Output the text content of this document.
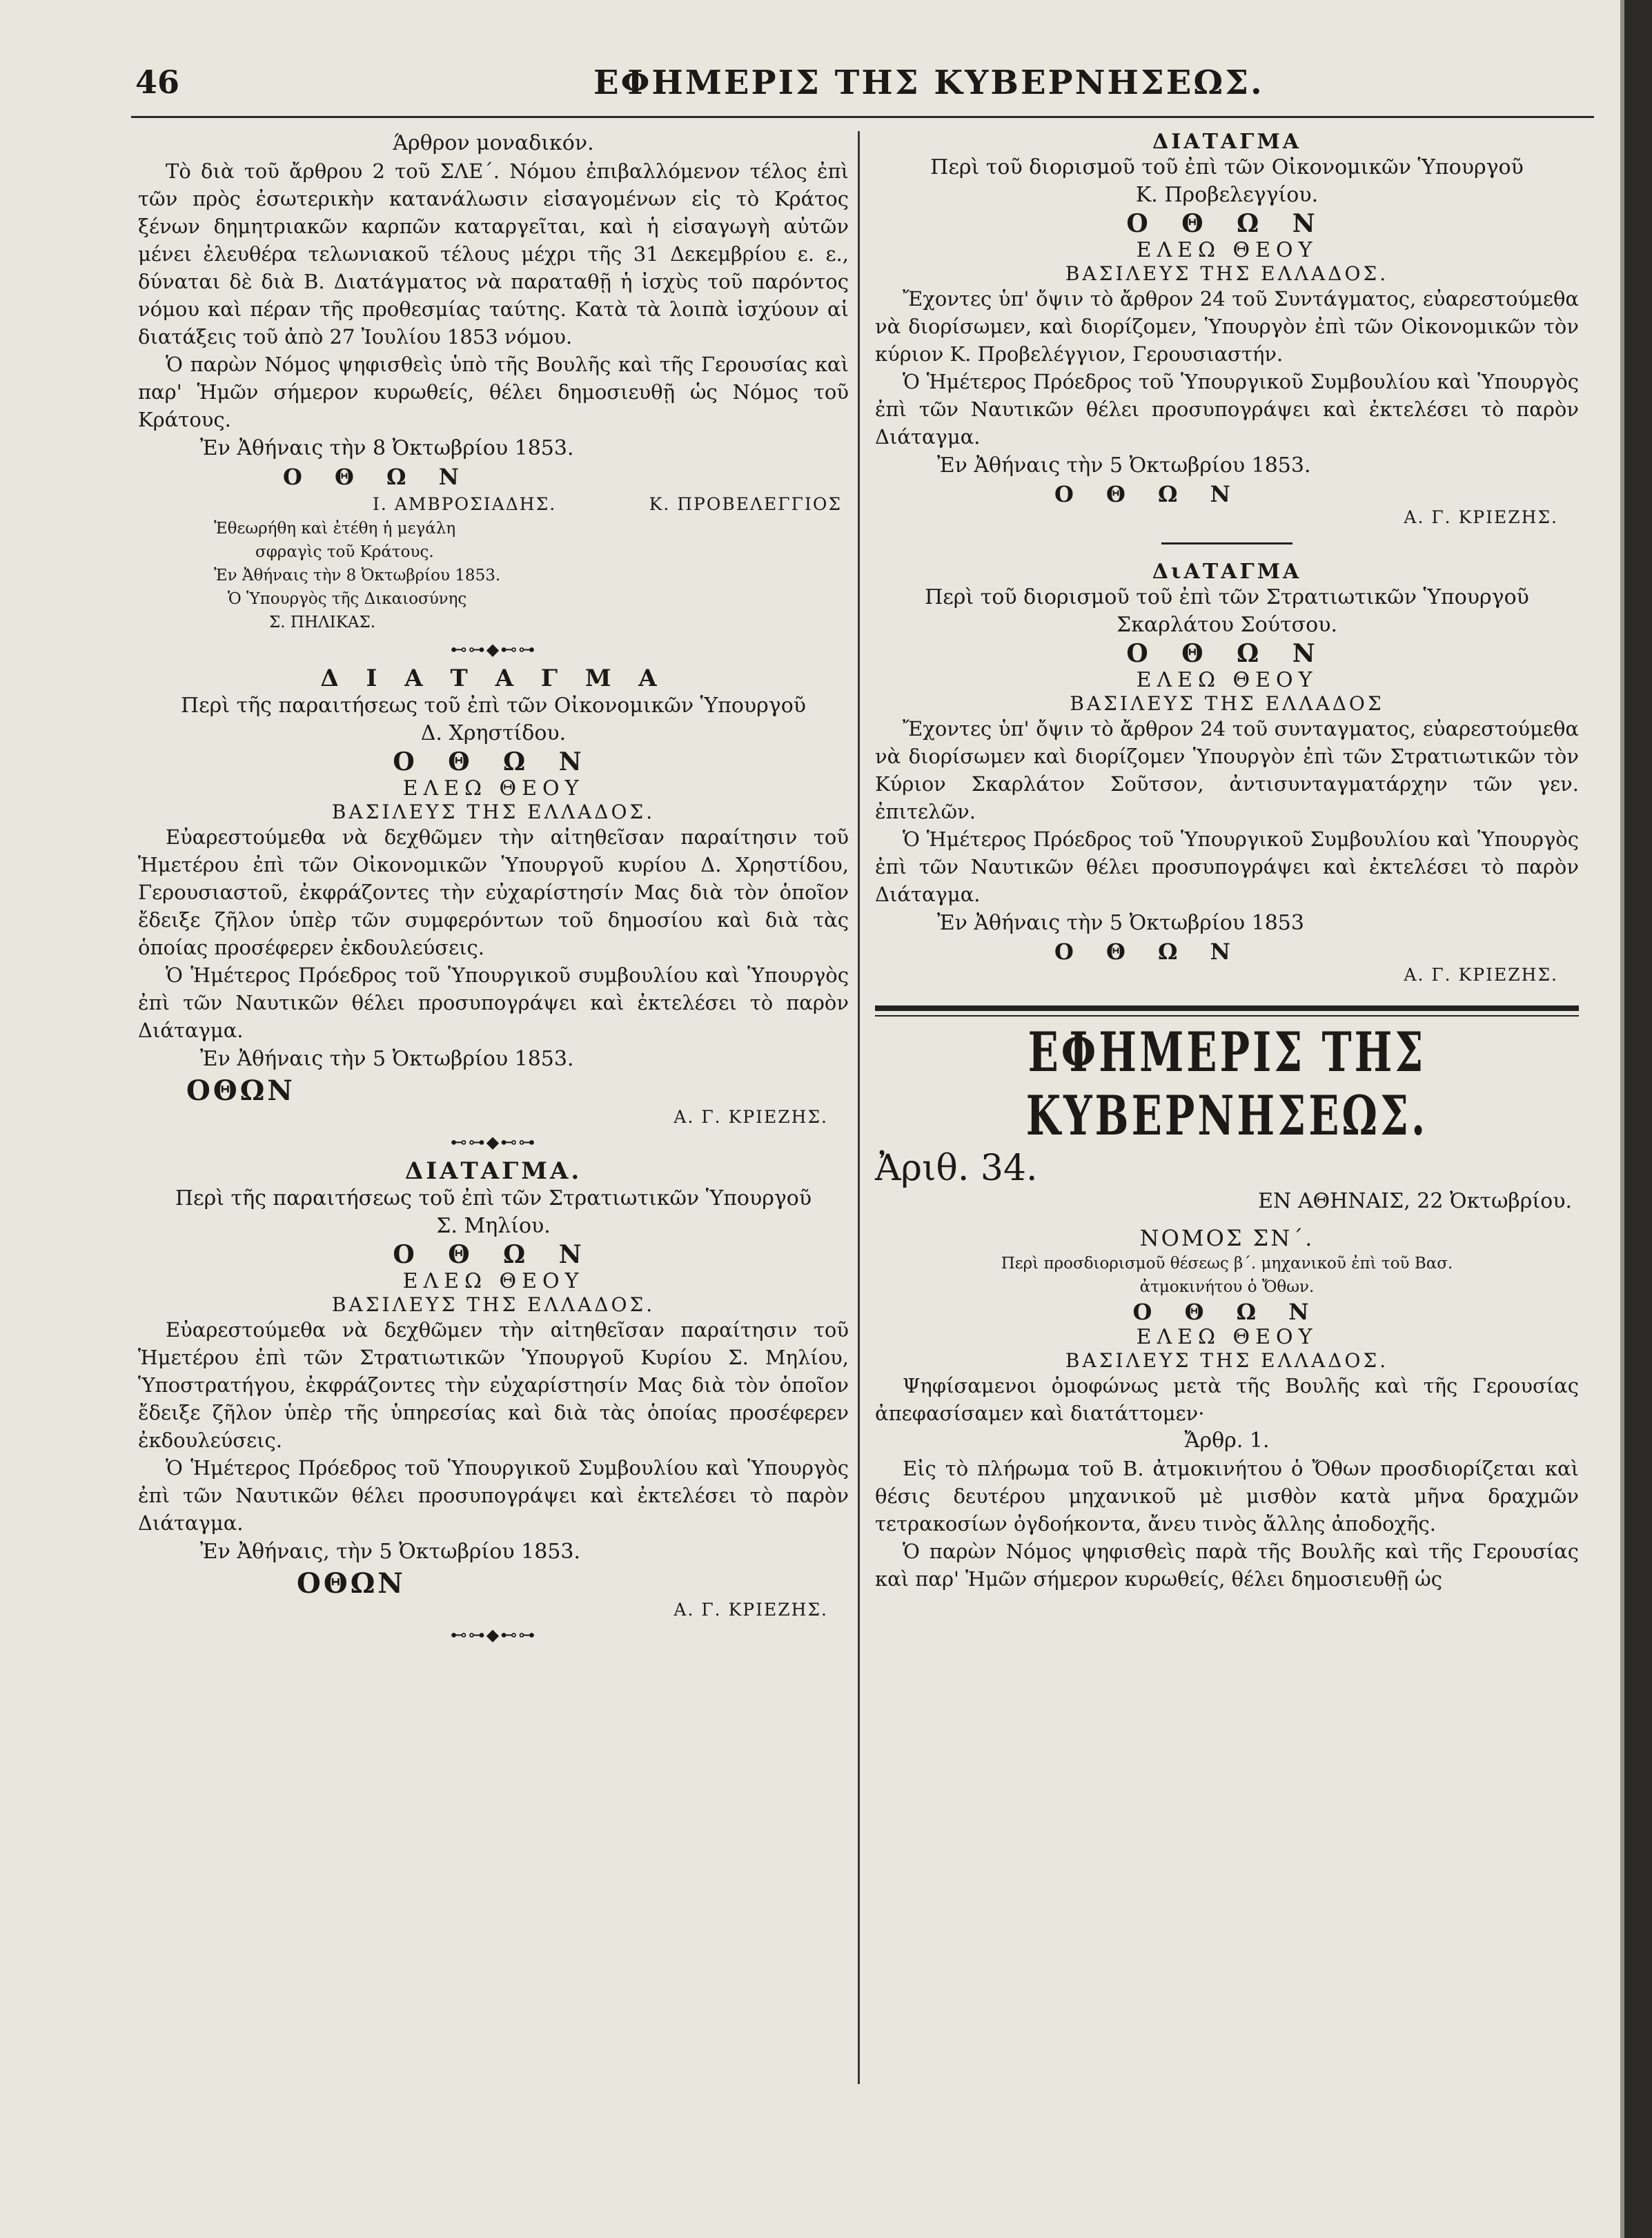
46	ΕΦΗΜΕΡΙΣ ΤΗΣ ΚΥΒΕΡΝΗΣΕΩΣ.

Άρθρον μοναδικόν.

Τὸ διὰ τοῦ ἄρθρου 2 τοῦ ΣΛΕ΄. Νόμου ἐπιβαλλόμενον τέλος ἐπὶ τῶν πρὸς ἐσωτερικὴν κατανάλωσιν εἰσαγομένων εἰς τὸ Κράτος ξένων δημητριακῶν καρπῶν καταργεῖται, καὶ ἡ εἰσαγωγὴ αὐτῶν μένει ἐλευθέρα τελωνιακοῦ τέλους μέχρι τῆς 31 Δεκεμβρίου ε. ε., δύναται δὲ διὰ Β. Διατάγματος νὰ παραταθῇ ἡ ἰσχὺς τοῦ παρόντος νόμου καὶ πέραν τῆς προθεσμίας ταύτης. Κατὰ τὰ λοιπὰ ἰσχύουν αἱ διατάξεις τοῦ ἀπὸ 27 Ἰουλίου 1853 νόμου.

Ὁ παρὼν Νόμος ψηφισθεὶς ὑπὸ τῆς Βουλῆς καὶ τῆς Γερουσίας καὶ παρ' Ἡμῶν σήμερον κυρωθείς, θέλει δημοσιευθῇ ὡς Νόμος τοῦ Κράτους.

Ἐν Ἀθήναις τὴν 8 Ὀκτωβρίου 1853.

Ο Θ Ω Ν

Ι. ΑΜΒΡΟΣΙΑΔΗΣ.	Κ. ΠΡΟΒΕΛΕΓΓΙΟΣ

Ἐθεωρήθη καὶ ἐτέθη ἡ μεγάλη

σφραγὶς τοῦ Κράτους.

Ἐν Ἀθήναις τὴν 8 Ὀκτωβρίου 1853.

Ὁ Ὑπουργὸς τῆς Δικαιοσύνης

Σ. ΠΗΛΙΚΑΣ.

⊷⊶◆⊷⊶

Δ Ι Α Τ Α Γ Μ Α

Περὶ τῆς παραιτήσεως τοῦ ἐπὶ τῶν Οἰκονομικῶν Ὑπουργοῦ

Δ. Χρηστίδου.

Ο Θ Ω Ν

ΕΛΕΩ ΘΕΟΥ

ΒΑΣΙΛΕΥΣ ΤΗΣ ΕΛΛΑΔΟΣ.

Εὐαρεστούμεθα νὰ δεχθῶμεν τὴν αἰτηθεῖσαν παραίτησιν τοῦ Ἡμετέρου ἐπὶ τῶν Οἰκονομικῶν Ὑπουργοῦ κυρίου Δ. Χρηστίδου, Γερουσιαστοῦ, ἐκφράζοντες τὴν εὐχαρίστησίν Μας διὰ τὸν ὁποῖον ἔδειξε ζῆλον ὑπὲρ τῶν συμφερόντων τοῦ δημοσίου καὶ διὰ τὰς ὁποίας προσέφερεν ἐκδουλεύσεις.

Ὁ Ἡμέτερος Πρόεδρος τοῦ Ὑπουργικοῦ συμβουλίου καὶ Ὑπουργὸς ἐπὶ τῶν Ναυτικῶν θέλει προσυπογράψει καὶ ἐκτελέσει τὸ παρὸν Διάταγμα.

Ἐν Ἀθήναις τὴν 5 Ὀκτωβρίου 1853.

ΟΘΩΝ

Α. Γ. ΚΡΙΕΖΗΣ.

⊷⊶◆⊷⊶

ΔΙΑΤΑΓΜΑ.

Περὶ τῆς παραιτήσεως τοῦ ἐπὶ τῶν Στρατιωτικῶν Ὑπουργοῦ

Σ. Μηλίου.

Ο Θ Ω Ν

ΕΛΕΩ ΘΕΟΥ

ΒΑΣΙΛΕΥΣ ΤΗΣ ΕΛΛΑΔΟΣ.

Εὐαρεστούμεθα νὰ δεχθῶμεν τὴν αἰτηθεῖσαν παραίτησιν τοῦ Ἡμετέρου ἐπὶ τῶν Στρατιωτικῶν Ὑπουργοῦ Κυρίου Σ. Μηλίου, Ὑποστρατήγου, ἐκφράζοντες τὴν εὐχαρίστησίν Μας διὰ τὸν ὁποῖον ἔδειξε ζῆλον ὑπὲρ τῆς ὑπηρεσίας καὶ διὰ τὰς ὁποίας προσέφερεν ἐκδουλεύσεις.

Ὁ Ἡμέτερος Πρόεδρος τοῦ Ὑπουργικοῦ Συμβουλίου καὶ Ὑπουργὸς ἐπὶ τῶν Ναυτικῶν θέλει προσυπογράψει καὶ ἐκτελέσει τὸ παρὸν Διάταγμα.

Ἐν Ἀθήναις, τὴν 5 Ὀκτωβρίου 1853.

ΟΘΩΝ

Α. Γ. ΚΡΙΕΖΗΣ.

⊷⊶◆⊷⊶

ΔΙΑΤΑΓΜΑ

Περὶ τοῦ διορισμοῦ τοῦ ἐπὶ τῶν Οἰκονομικῶν Ὑπουργοῦ

Κ. Προβελεγγίου.

Ο Θ Ω Ν

ΕΛΕΩ ΘΕΟΥ

ΒΑΣΙΛΕΥΣ ΤΗΣ ΕΛΛΑΔΟΣ.

Ἔχοντες ὑπ' ὄψιν τὸ ἄρθρον 24 τοῦ Συντάγματος, εὐαρεστούμεθα νὰ διορίσωμεν, καὶ διορίζομεν, Ὑπουργὸν ἐπὶ τῶν Οἰκονομικῶν τὸν κύριον Κ. Προβελέγγιον, Γερουσιαστήν.

Ὁ Ἡμέτερος Πρόεδρος τοῦ Ὑπουργικοῦ Συμβουλίου καὶ Ὑπουργὸς ἐπὶ τῶν Ναυτικῶν θέλει προσυπογράψει καὶ ἐκτελέσει τὸ παρὸν Διάταγμα.

Ἐν Ἀθήναις τὴν 5 Ὀκτωβρίου 1853.

Ο Θ Ω Ν

Α. Γ. ΚΡΙΕΖΗΣ.

ΔιΑΤΑΓΜΑ

Περὶ τοῦ διορισμοῦ τοῦ ἐπὶ τῶν Στρατιωτικῶν Ὑπουργοῦ

Σκαρλάτου Σούτσου.

Ο Θ Ω Ν

ΕΛΕΩ ΘΕΟΥ

ΒΑΣΙΛΕΥΣ ΤΗΣ ΕΛΛΑΔΟΣ

Ἔχοντες ὑπ' ὄψιν τὸ ἄρθρον 24 τοῦ συνταγματος, εὐαρεστούμεθα νὰ διορίσωμεν καὶ διορίζομεν Ὑπουργὸν ἐπὶ τῶν Στρατιωτικῶν τὸν Κύριον Σκαρλάτον Σοῦτσον, ἀντισυνταγματάρχην τῶν γεν. ἐπιτελῶν.

Ὁ Ἡμέτερος Πρόεδρος τοῦ Ὑπουργικοῦ Συμβουλίου καὶ Ὑπουργὸς ἐπὶ τῶν Ναυτικῶν θέλει προσυπογράψει καὶ ἐκτελέσει τὸ παρὸν Διάταγμα.

Ἐν Ἀθήναις τὴν 5 Ὀκτωβρίου 1853

Ο Θ Ω Ν

Α. Γ. ΚΡΙΕΖΗΣ.

ΕΦΗΜΕΡΙΣ ΤΗΣ ΚΥΒΕΡΝΗΣΕΩΣ.

Ἀριθ. 34.

ΕΝ ΑΘΗΝΑΙΣ, 22 Ὀκτωβρίου.

ΝΟΜΟΣ ΣΝ΄.

Περὶ προσδιορισμοῦ θέσεως β΄. μηχανικοῦ ἐπὶ τοῦ Βασ.

ἀτμοκινήτου ὁ Ὄθων.

Ο Θ Ω Ν

ΕΛΕΩ ΘΕΟΥ

ΒΑΣΙΛΕΥΣ ΤΗΣ ΕΛΛΑΔΟΣ.

Ψηφίσαμενοι ὁμοφώνως μετὰ τῆς Βουλῆς καὶ τῆς Γερουσίας ἀπεφασίσαμεν καὶ διατάττομεν·

Ἄρθρ. 1.

Εἰς τὸ πλήρωμα τοῦ Β. ἀτμοκινήτου ὁ Ὄθων προσδιορίζεται καὶ θέσις δευτέρου μηχανικοῦ μὲ μισθὸν κατὰ μῆνα δραχμῶν τετρακοσίων ὀγδοήκοντα, ἄνευ τινὸς ἄλλης ἀποδοχῆς.

Ὁ παρὼν Νόμος ψηφισθεὶς παρὰ τῆς Βουλῆς καὶ τῆς Γερουσίας καὶ παρ' Ἡμῶν σήμερον κυρωθείς, θέλει δημοσιευθῇ ὡς
